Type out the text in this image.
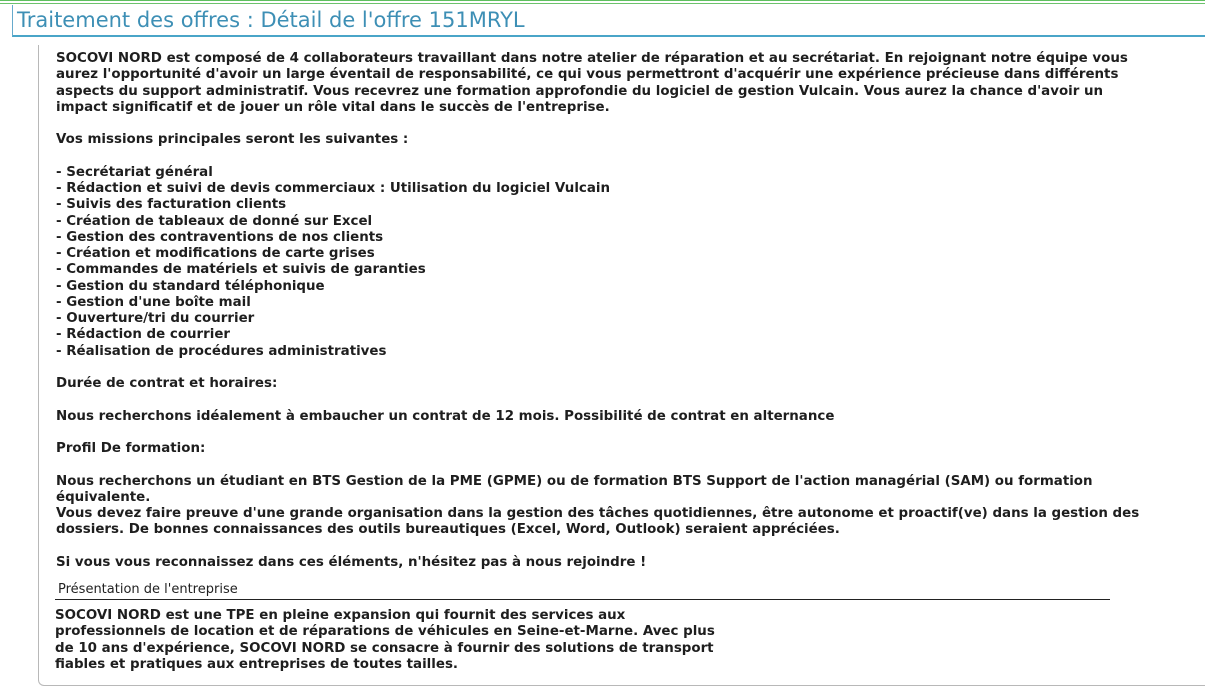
Traitement des offres : Détail de l'offre 151MRYL

SOCOVI NORD est composé de 4 collaborateurs travaillant dans notre atelier de réparation et au secrétariat. En rejoignant notre équipe vous aurez l'opportunité d'avoir un large éventail de responsabilité, ce qui vous permettront d'acquérir une expérience précieuse dans différents aspects du support administratif. Vous recevrez une formation approfondie du logiciel de gestion Vulcain. Vous aurez la chance d'avoir un impact significatif et de jouer un rôle vital dans le succès de l'entreprise.

Vos missions principales seront les suivantes :

- Secrétariat général

- Rédaction et suivi de devis commerciaux : Utilisation du logiciel Vulcain

- Suivis des facturation clients

- Création de tableaux de donné sur Excel

- Gestion des contraventions de nos clients

- Création et modifications de carte grises

- Commandes de matériels et suivis de garanties

- Gestion du standard téléphonique

- Gestion d'une boîte mail

- Ouverture/tri du courrier

- Rédaction de courrier

- Réalisation de procédures administratives

Durée de contrat et horaires:

Nous recherchons idéalement à embaucher un contrat de 12 mois. Possibilité de contrat en alternance

Profil De formation:

Nous recherchons un étudiant en BTS Gestion de la PME (GPME) ou de formation BTS Support de l'action managérial (SAM) ou formation équivalente.

Vous devez faire preuve d'une grande organisation dans la gestion des tâches quotidiennes, être autonome et proactif(ve) dans la gestion des dossiers. De bonnes connaissances des outils bureautiques (Excel, Word, Outlook) seraient appréciées.

Si vous vous reconnaissez dans ces éléments, n'hésitez pas à nous rejoindre !

Présentation de l'entreprise
SOCOVI NORD est une TPE en pleine expansion qui fournit des services aux professionnels de location et de réparations de véhicules en Seine-et-Marne. Avec plus de 10 ans d'expérience, SOCOVI NORD se consacre à fournir des solutions de transport fiables et pratiques aux entreprises de toutes tailles.
